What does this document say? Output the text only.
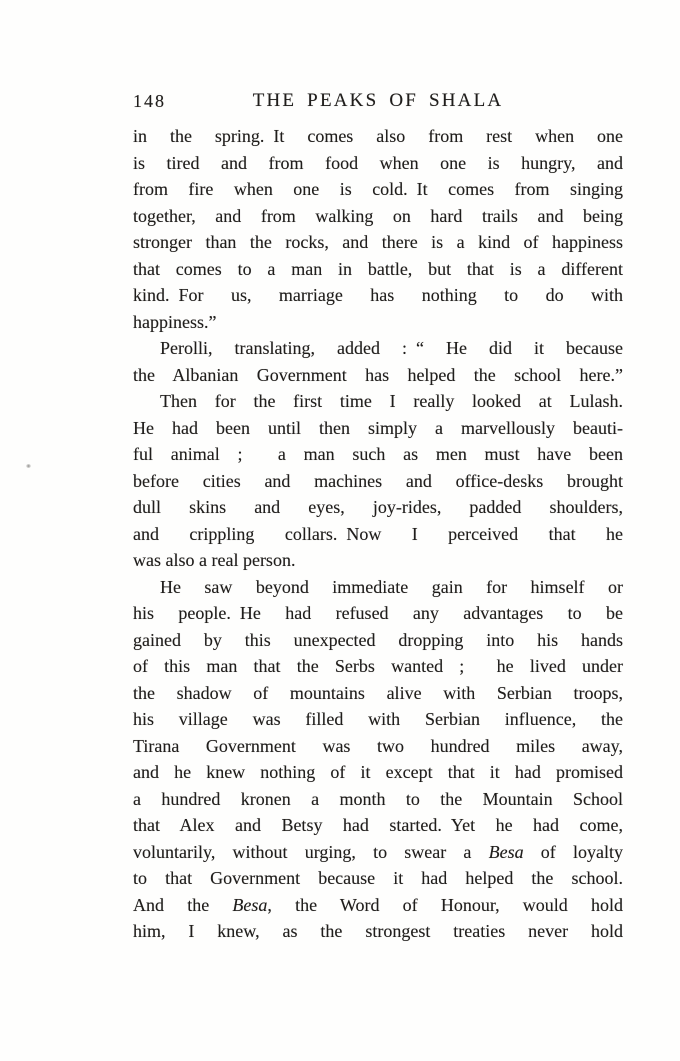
148	THE PEAKS OF SHALA
in the spring. It comes also from rest when one
is tired and from food when one is hungry, and
from fire when one is cold. It comes from singing
together, and from walking on hard trails and being
stronger than the rocks, and there is a kind of happiness
that comes to a man in battle, but that is a different
kind. For us, marriage has nothing to do with
happiness.”
Perolli, translating, added : “ He did it because
the Albanian Government has helped the school here.”
Then for the first time I really looked at Lulash.
He had been until then simply a marvellously beauti-
ful animal ;  a man such as men must have been
before cities and machines and office-desks brought
dull skins and eyes, joy-rides, padded shoulders,
and crippling collars. Now I perceived that he
was also a real person.
He saw beyond immediate gain for himself or
his people. He had refused any advantages to be
gained by this unexpected dropping into his hands
of this man that the Serbs wanted ;  he lived under
the shadow of mountains alive with Serbian troops,
his village was filled with Serbian influence, the
Tirana Government was two hundred miles away,
and he knew nothing of it except that it had promised
a hundred kronen a month to the Mountain School
that Alex and Betsy had started. Yet he had come,
voluntarily, without urging, to swear a Besa of loyalty
to that Government because it had helped the school.
And the Besa, the Word of Honour, would hold
him, I knew, as the strongest treaties never hold
